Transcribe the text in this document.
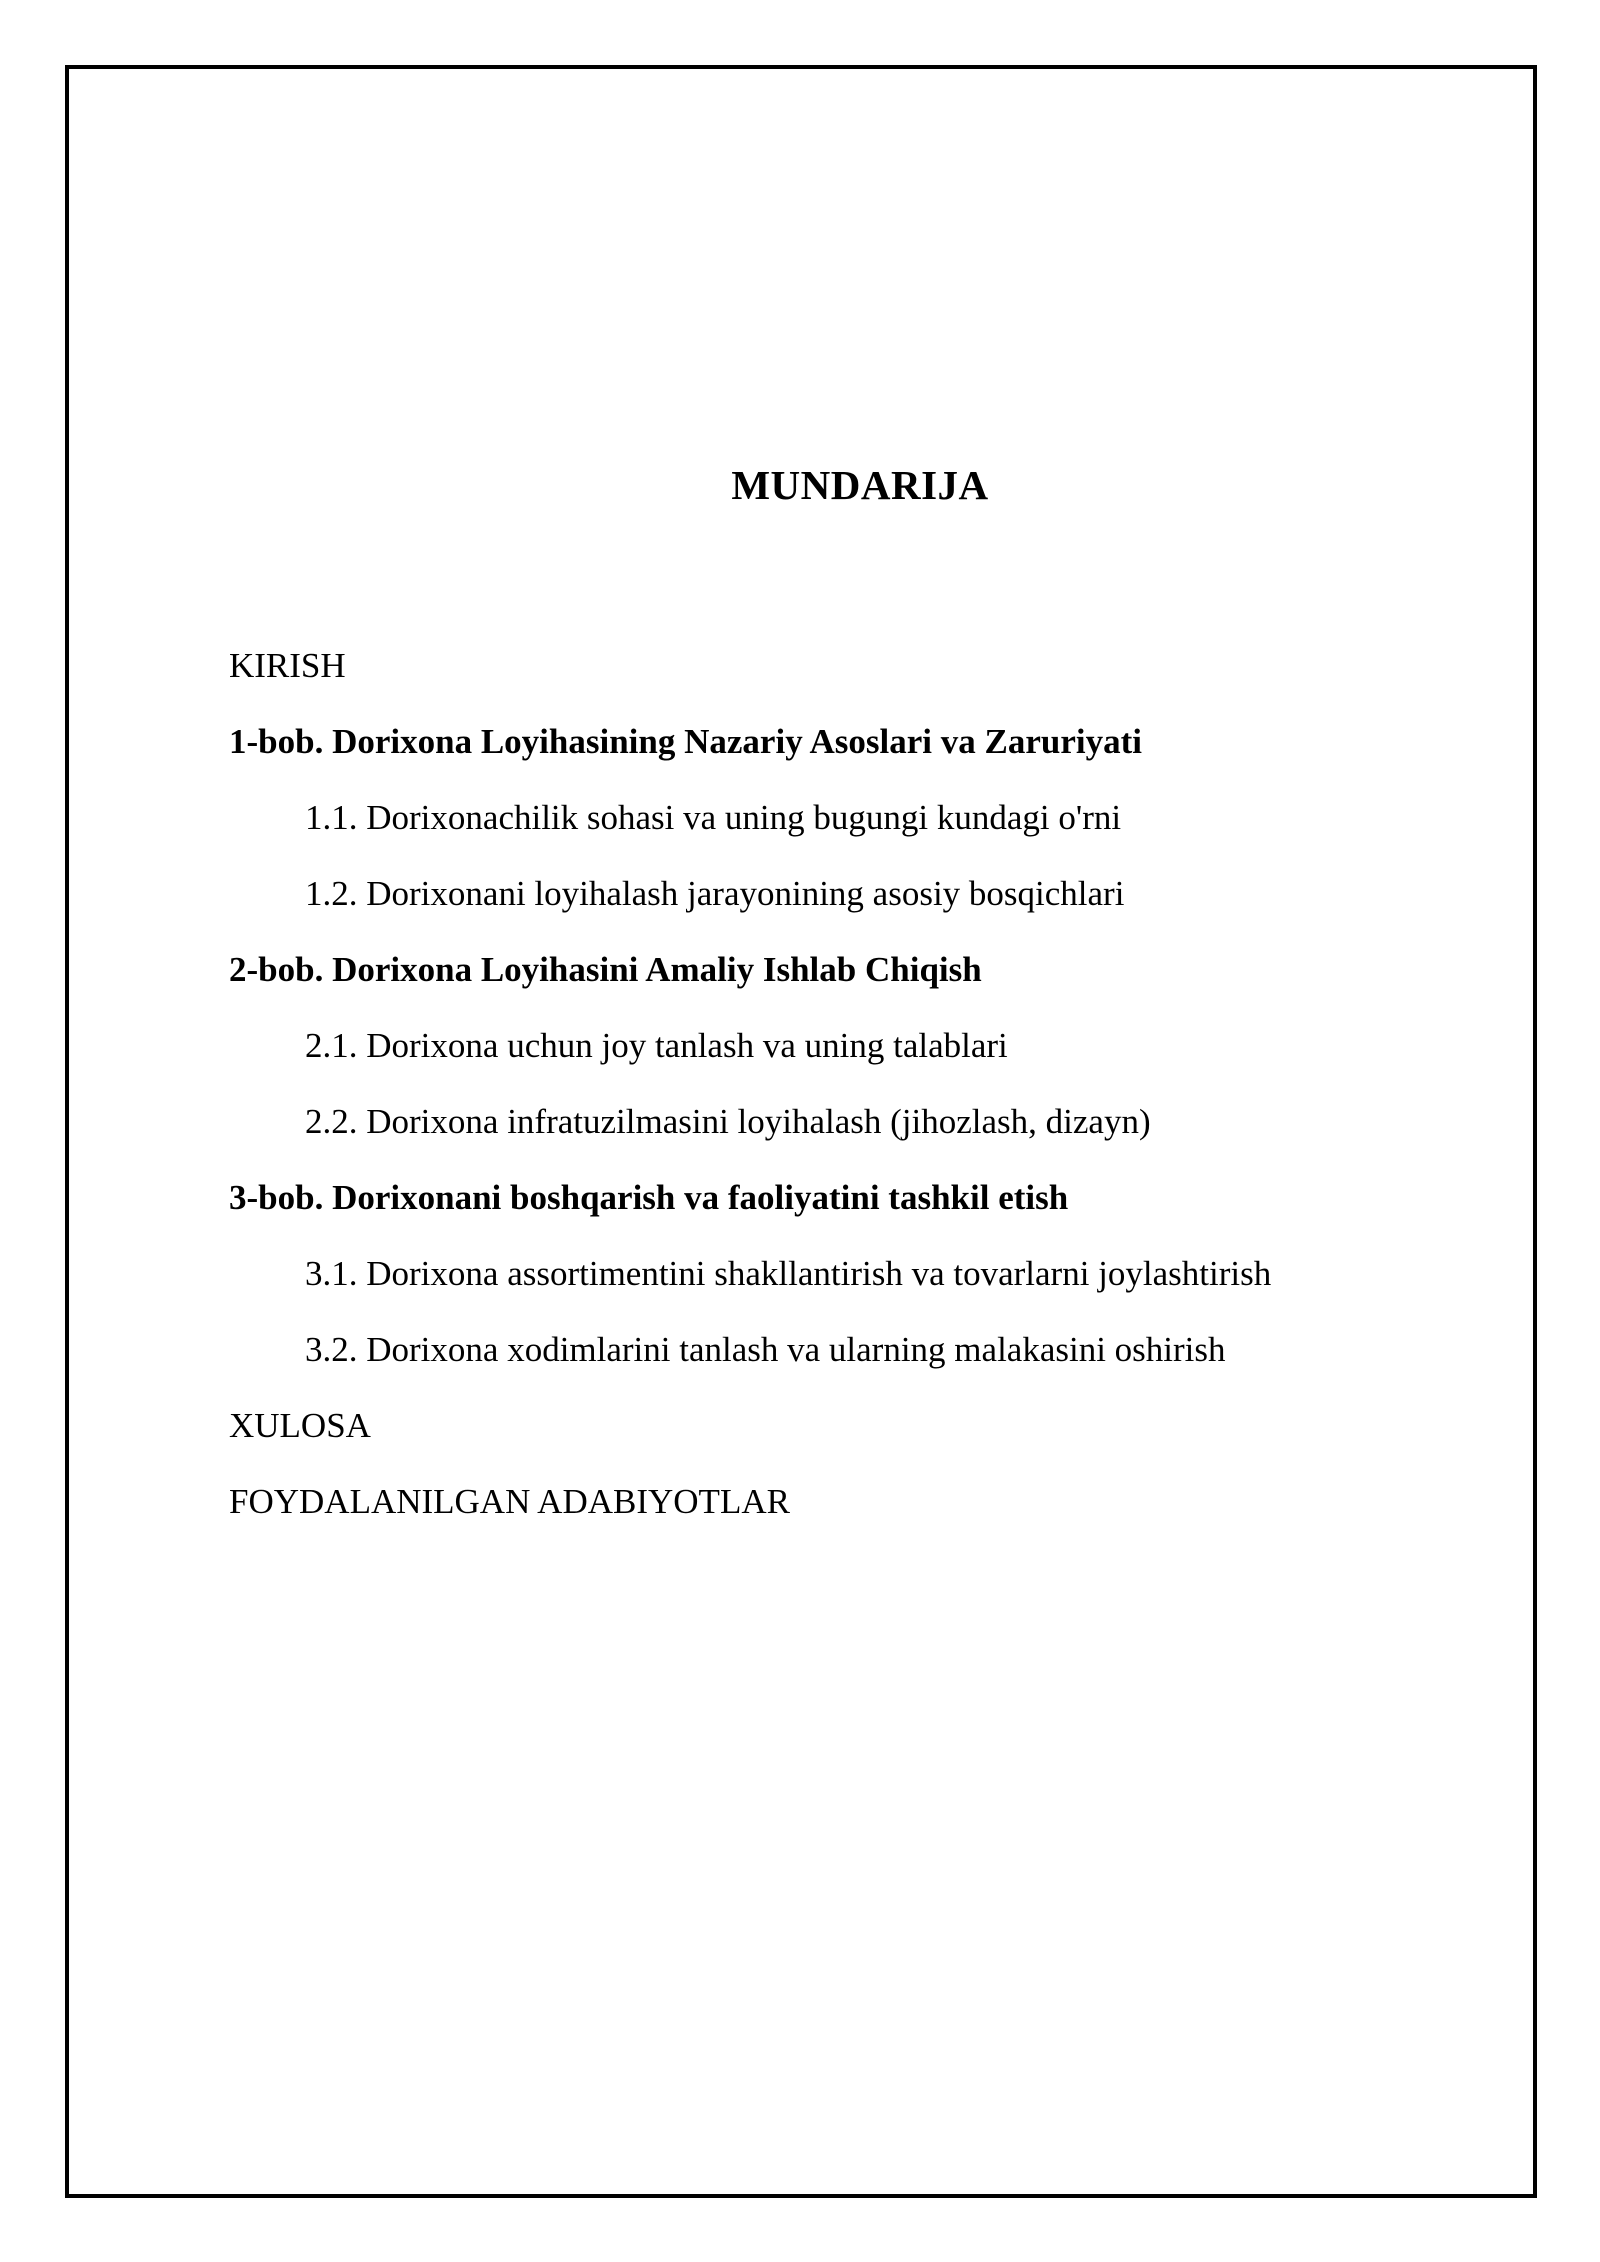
MUNDARIJA
KIRISH
1-bob. Dorixona Loyihasining Nazariy Asoslari va Zaruriyati
1.1. Dorixonachilik sohasi va uning bugungi kundagi o'rni
1.2. Dorixonani loyihalash jarayonining asosiy bosqichlari
2-bob. Dorixona Loyihasini Amaliy Ishlab Chiqish
2.1. Dorixona uchun joy tanlash va uning talablari
2.2. Dorixona infratuzilmasini loyihalash (jihozlash, dizayn)
3-bob. Dorixonani boshqarish va faoliyatini tashkil etish
3.1. Dorixona assortimentini shakllantirish va tovarlarni joylashtirish
3.2. Dorixona xodimlarini tanlash va ularning malakasini oshirish
XULOSA
FOYDALANILGAN ADABIYOTLAR
